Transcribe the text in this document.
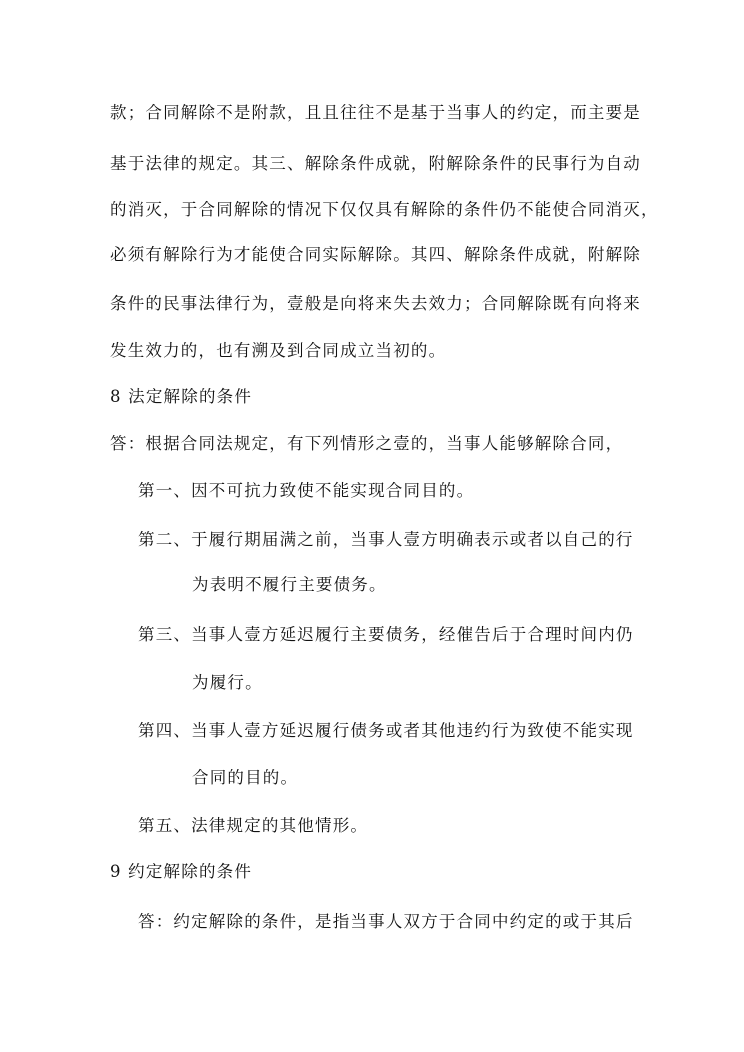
款；合同解除不是附款，且且往往不是基于当事人的约定，而主要是
基于法律的规定。其三、解除条件成就，附解除条件的民事行为自动
的消灭，于合同解除的情况下仅仅具有解除的条件仍不能使合同消灭，
必须有解除行为才能使合同实际解除。其四、解除条件成就，附解除
条件的民事法律行为，壹般是向将来失去效力；合同解除既有向将来
发生效力的，也有溯及到合同成立当初的。
8 法定解除的条件
答：根据合同法规定，有下列情形之壹的，当事人能够解除合同，
第一、因不可抗力致使不能实现合同目的。
第二、于履行期届满之前，当事人壹方明确表示或者以自己的行
为表明不履行主要债务。
第三、当事人壹方延迟履行主要债务，经催告后于合理时间内仍
为履行。
第四、当事人壹方延迟履行债务或者其他违约行为致使不能实现
合同的目的。
第五、法律规定的其他情形。
9 约定解除的条件
答：约定解除的条件，是指当事人双方于合同中约定的或于其后
